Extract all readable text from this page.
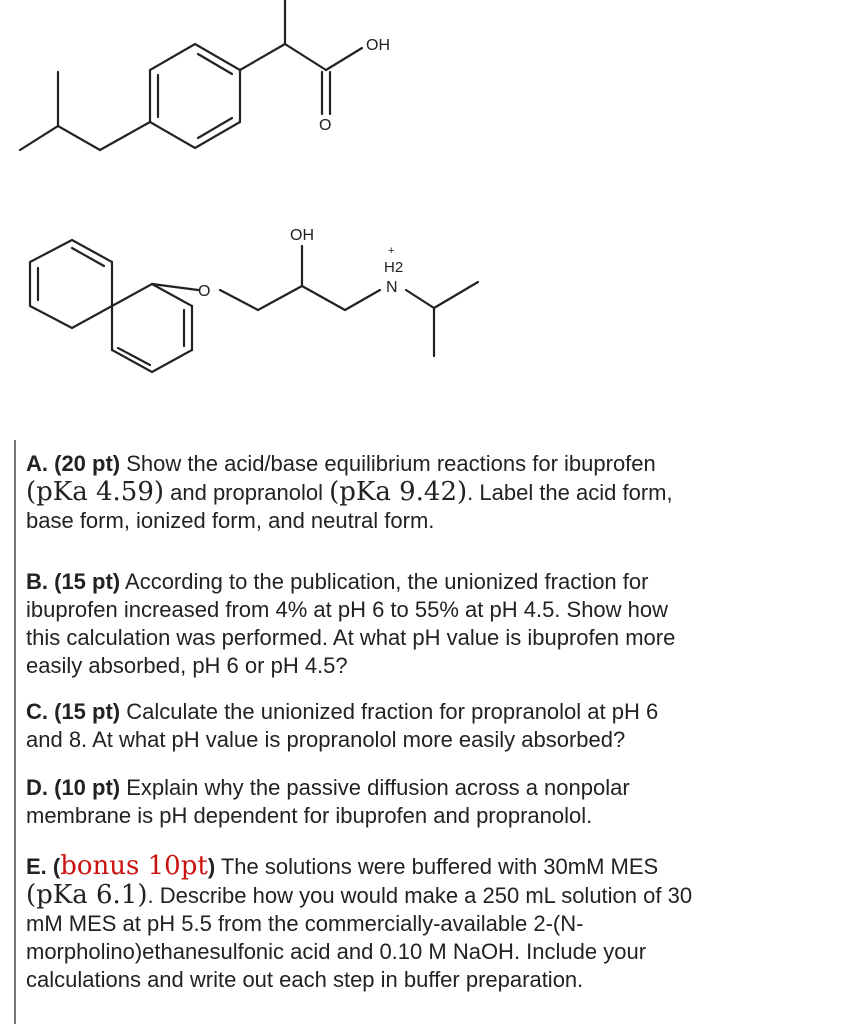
OH
O
O
OH
+
H2
N
A. (20 pt) Show the acid/base equilibrium reactions for ibuprofen
(pKa 4.59) and propranolol (pKa 9.42). Label the acid form,
base form, ionized form, and neutral form.
B. (15 pt) According to the publication, the unionized fraction for
ibuprofen increased from 4% at pH 6 to 55% at pH 4.5. Show how
this calculation was performed. At what pH value is ibuprofen more
easily absorbed, pH 6 or pH 4.5?
C. (15 pt) Calculate the unionized fraction for propranolol at pH 6
and 8. At what pH value is propranolol more easily absorbed?
D. (10 pt) Explain why the passive diffusion across a nonpolar
membrane is pH dependent for ibuprofen and propranolol.
E. (bonus 10pt) The solutions were buffered with 30mM MES
(pKa 6.1). Describe how you would make a 250 mL solution of 30
mM MES at pH 5.5 from the commercially-available 2-(N-
morpholino)ethanesulfonic acid and 0.10 M NaOH. Include your
calculations and write out each step in buffer preparation.
